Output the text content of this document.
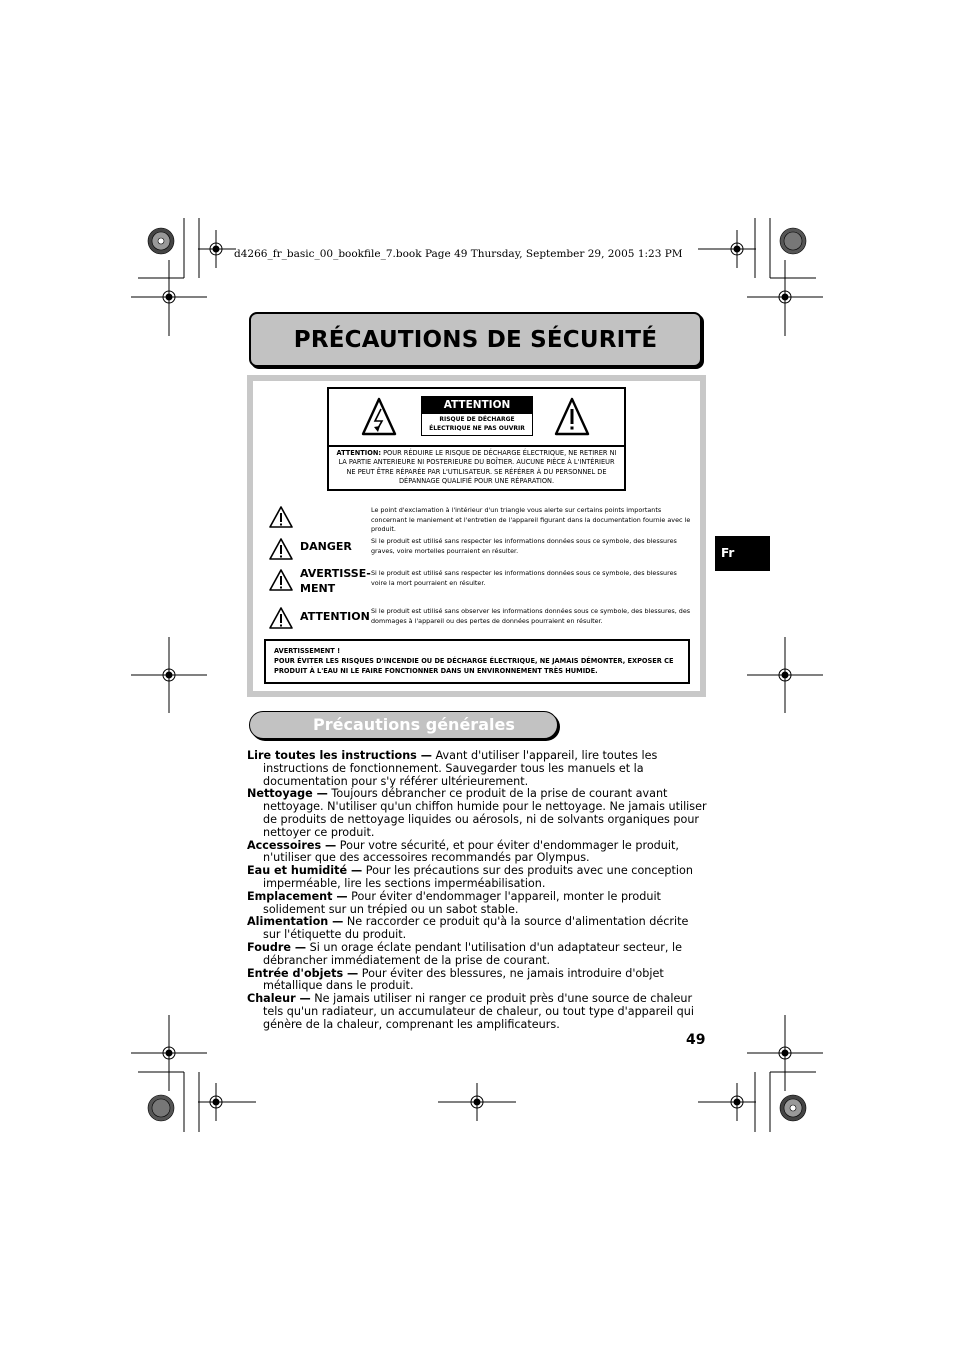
d4266_fr_basic_00_bookfile_7.book Page 49 Thursday, September 29, 2005 1:23 PM
PRÉCAUTIONS DE SÉCURITÉ
Fr
ATTENTION
RISQUE DE DÉCHARGE
ÉLECTRIQUE NE PAS OUVRIR
ATTENTION: POUR RÉDUIRE LE RISQUE DE DÉCHARGE ÉLECTRIQUE, NE RETIRER NI LA PARTIE ANTERIEURE NI POSTERIEURE DU BOÎTIER. AUCUNE PIÈCE À L'INTÉRIEUR NE PEUT ÊTRE RÉPARÉE PAR L'UTILISATEUR. SE RÉFÉRER À DU PERSONNEL DE DÉPANNAGE QUALIFIÉ POUR UNE RÉPARATION.
Le point d'exclamation à l'intérieur d'un triangle vous alerte sur certains points importants concernant le maniement et l'entretien de l'appareil figurant dans la documentation fournie avec le produit.
DANGER	Si le produit est utilisé sans respecter les informations données sous ce symbole, des blessures graves, voire mortelles pourraient en résulter.
AVERTISSE-
MENT
Si le produit est utilisé sans respecter les informations données sous ce symbole, des blessures voire la mort pourraient en résulter.
ATTENTION Si le produit est utilisé sans observer les informations données sous ce symbole, des blessures, des dommages à l'appareil ou des pertes de données pourraient en résulter.
AVERTISSEMENT !
POUR ÉVITER LES RISQUES D'INCENDIE OU DE DÉCHARGE ÉLECTRIQUE, NE JAMAIS DÉMONTER, EXPOSER CE PRODUIT À L'EAU NI LE FAIRE FONCTIONNER DANS UN ENVIRONNEMENT TRÈS HUMIDE.
Précautions générales

Lire toutes les instructions — Avant d'utiliser l'appareil, lire toutes les instructions de fonctionnement. Sauvegarder tous les manuels et la documentation pour s'y référer ultérieurement.

Nettoyage — Toujours débrancher ce produit de la prise de courant avant nettoyage. N'utiliser qu'un chiffon humide pour le nettoyage. Ne jamais utiliser de produits de nettoyage liquides ou aérosols, ni de solvants organiques pour nettoyer ce produit.

Accessoires — Pour votre sécurité, et pour éviter d'endommager le produit, n'utiliser que des accessoires recommandés par Olympus.

Eau et humidité — Pour les précautions sur des produits avec une conception imperméable, lire les sections imperméabilisation.

Emplacement — Pour éviter d'endommager l'appareil, monter le produit solidement sur un trépied ou un sabot stable.

Alimentation — Ne raccorder ce produit qu'à la source d'alimentation décrite sur l'étiquette du produit.

Foudre — Si un orage éclate pendant l'utilisation d'un adaptateur secteur, le débrancher immédiatement de la prise de courant.

Entrée d'objets — Pour éviter des blessures, ne jamais introduire d'objet métallique dans le produit.

Chaleur — Ne jamais utiliser ni ranger ce produit près d'une source de chaleur tels qu'un radiateur, un accumulateur de chaleur, ou tout type d'appareil qui génère de la chaleur, comprenant les amplificateurs.

49
